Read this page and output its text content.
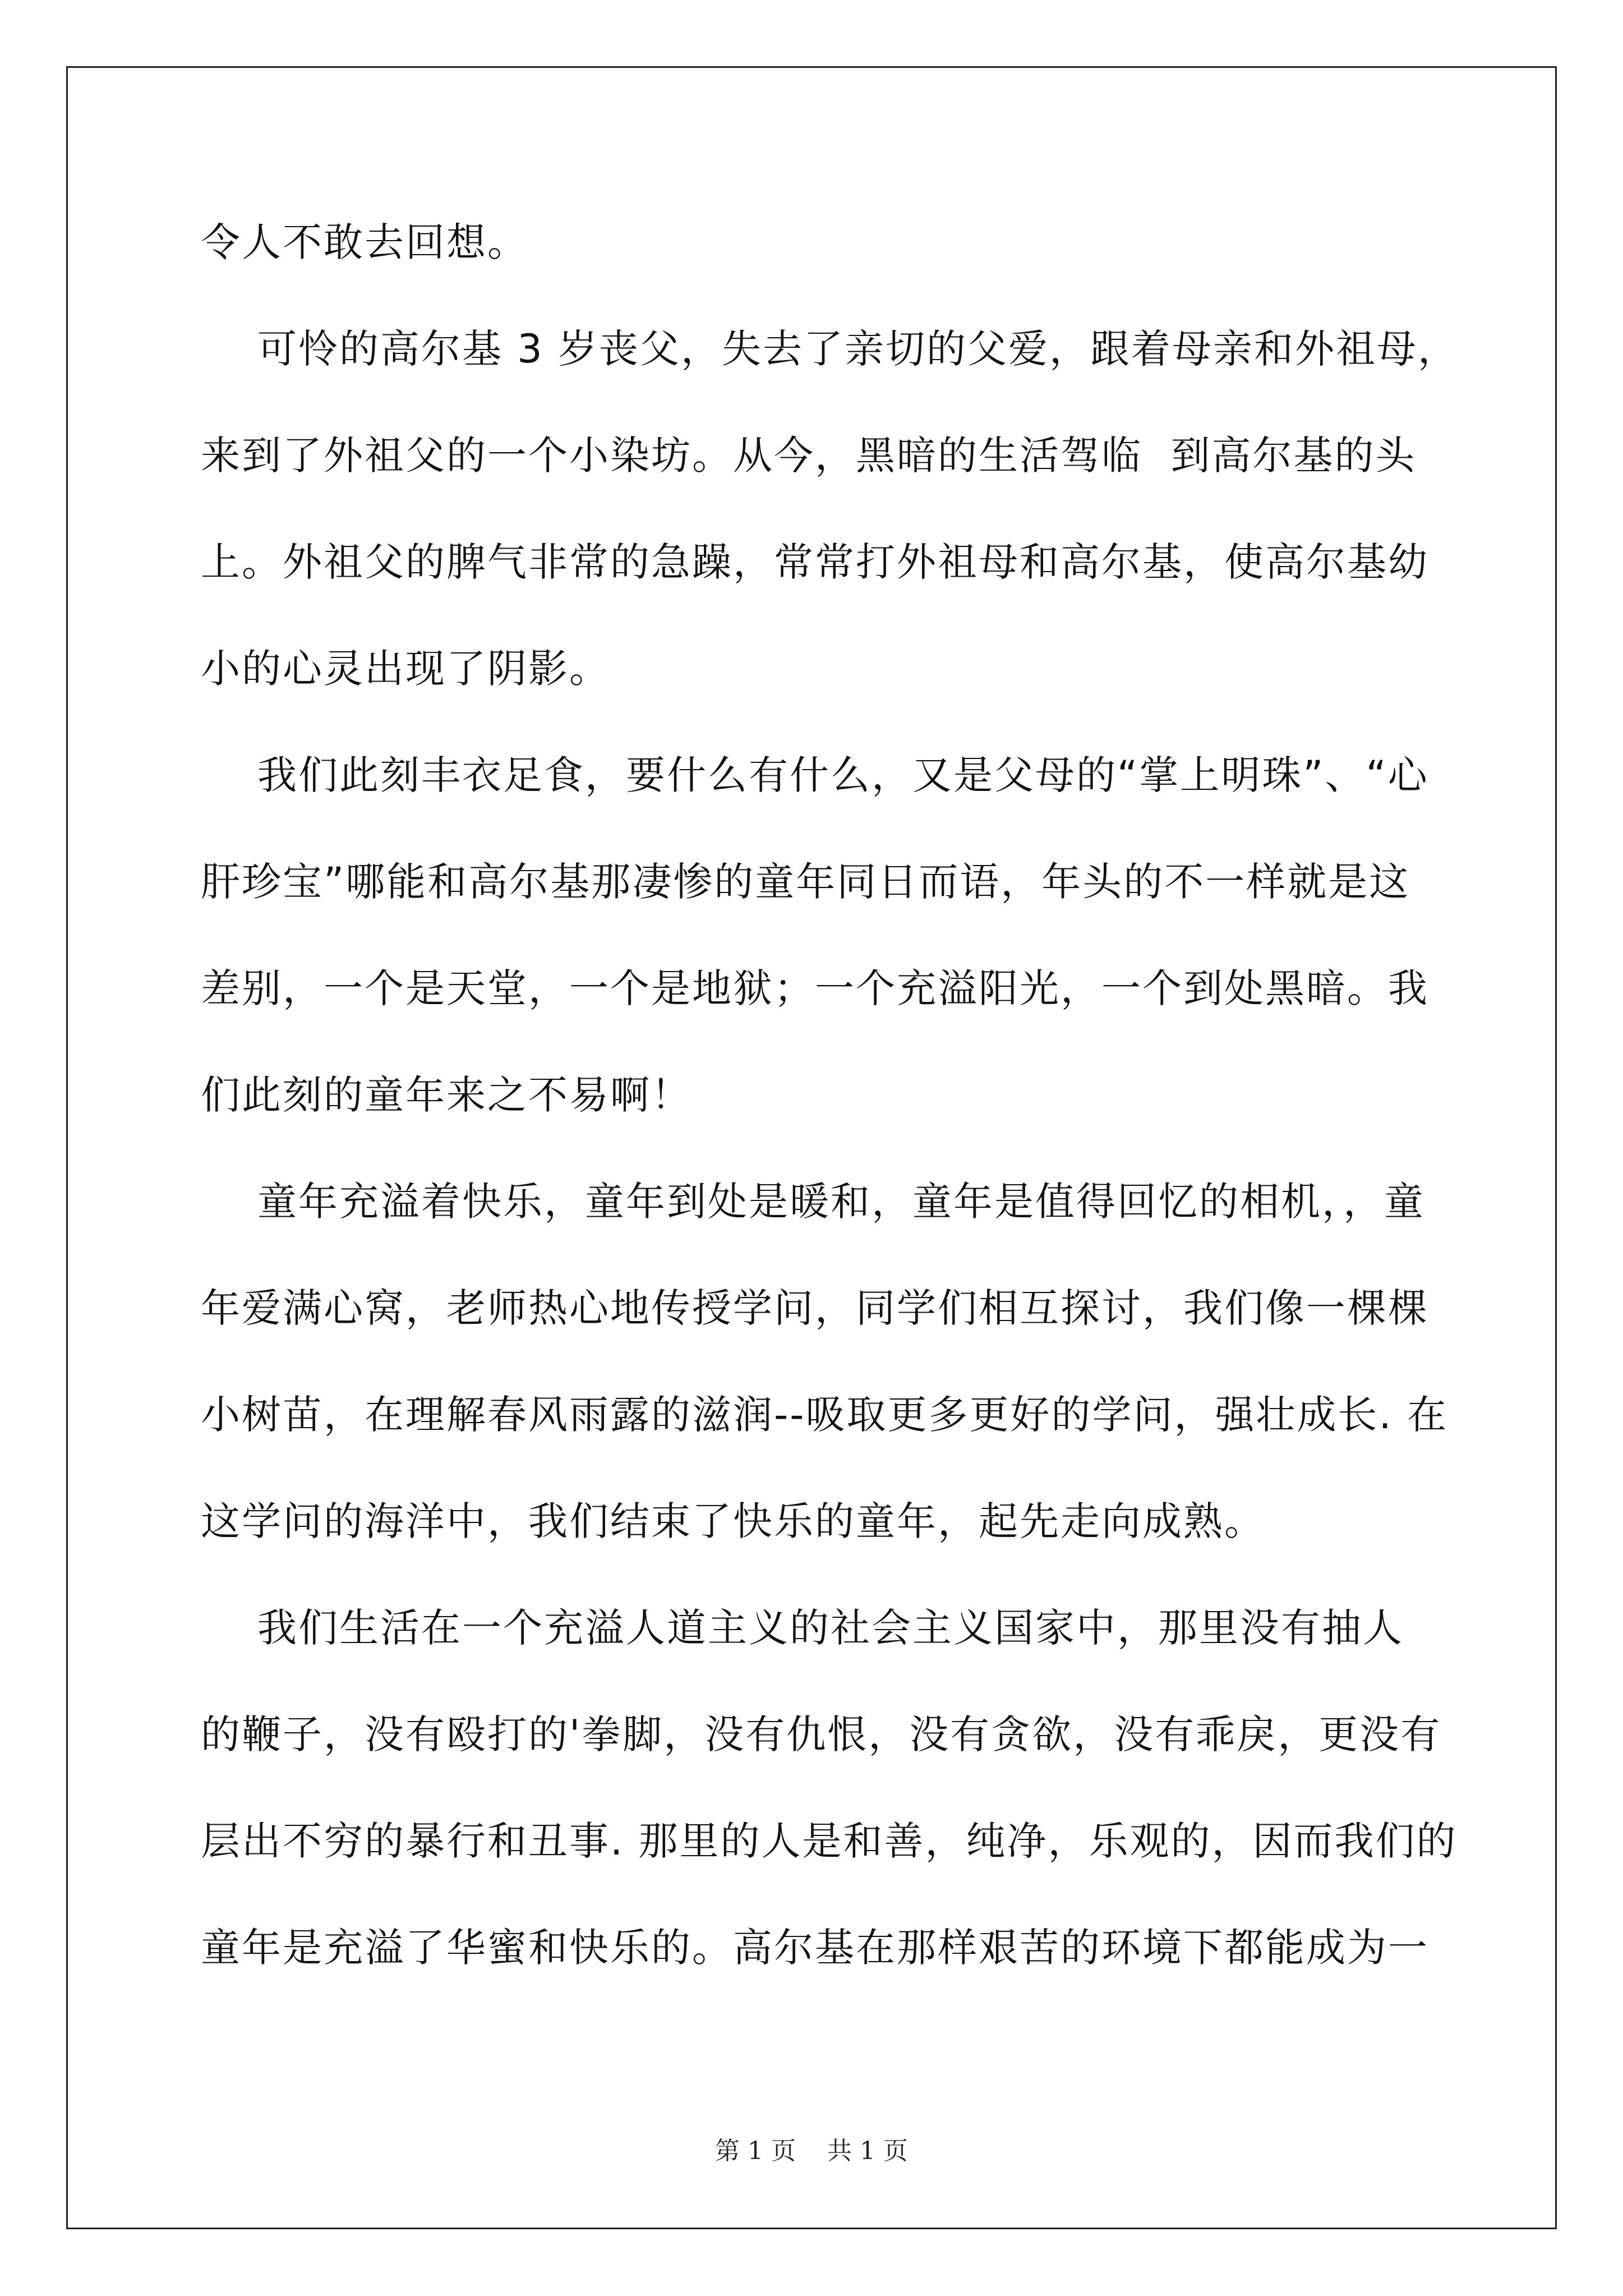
令人不敢去回想。
可怜的高尔基 3 岁丧父，失去了亲切的父爱，跟着母亲和外祖母，
来到了外祖父的一个小染坊。从今，黑暗的生活驾临  到高尔基的头
上。外祖父的脾气非常的急躁，常常打外祖母和高尔基，使高尔基幼
小的心灵出现了阴影。
我们此刻丰衣足食，要什么有什么，又是父母的“掌上明珠”、“心
肝珍宝”哪能和高尔基那凄惨的童年同日而语，年头的不一样就是这
差别，一个是天堂，一个是地狱；一个充溢阳光，一个到处黑暗。我
们此刻的童年来之不易啊！
童年充溢着快乐，童年到处是暖和，童年是值得回忆的相机，，童
年爱满心窝，老师热心地传授学问，同学们相互探讨，我们像一棵棵
小树苗，在理解春风雨露的滋润--吸取更多更好的学问，强壮成长. 在
这学问的海洋中，我们结束了快乐的童年，起先走向成熟。
我们生活在一个充溢人道主义的社会主义国家中，那里没有抽人
的鞭子，没有殴打的'拳脚，没有仇恨，没有贪欲，没有乖戾，更没有
层出不穷的暴行和丑事. 那里的人是和善，纯净，乐观的，因而我们的
童年是充溢了华蜜和快乐的。高尔基在那样艰苦的环境下都能成为一
第 1 页    共 1 页
